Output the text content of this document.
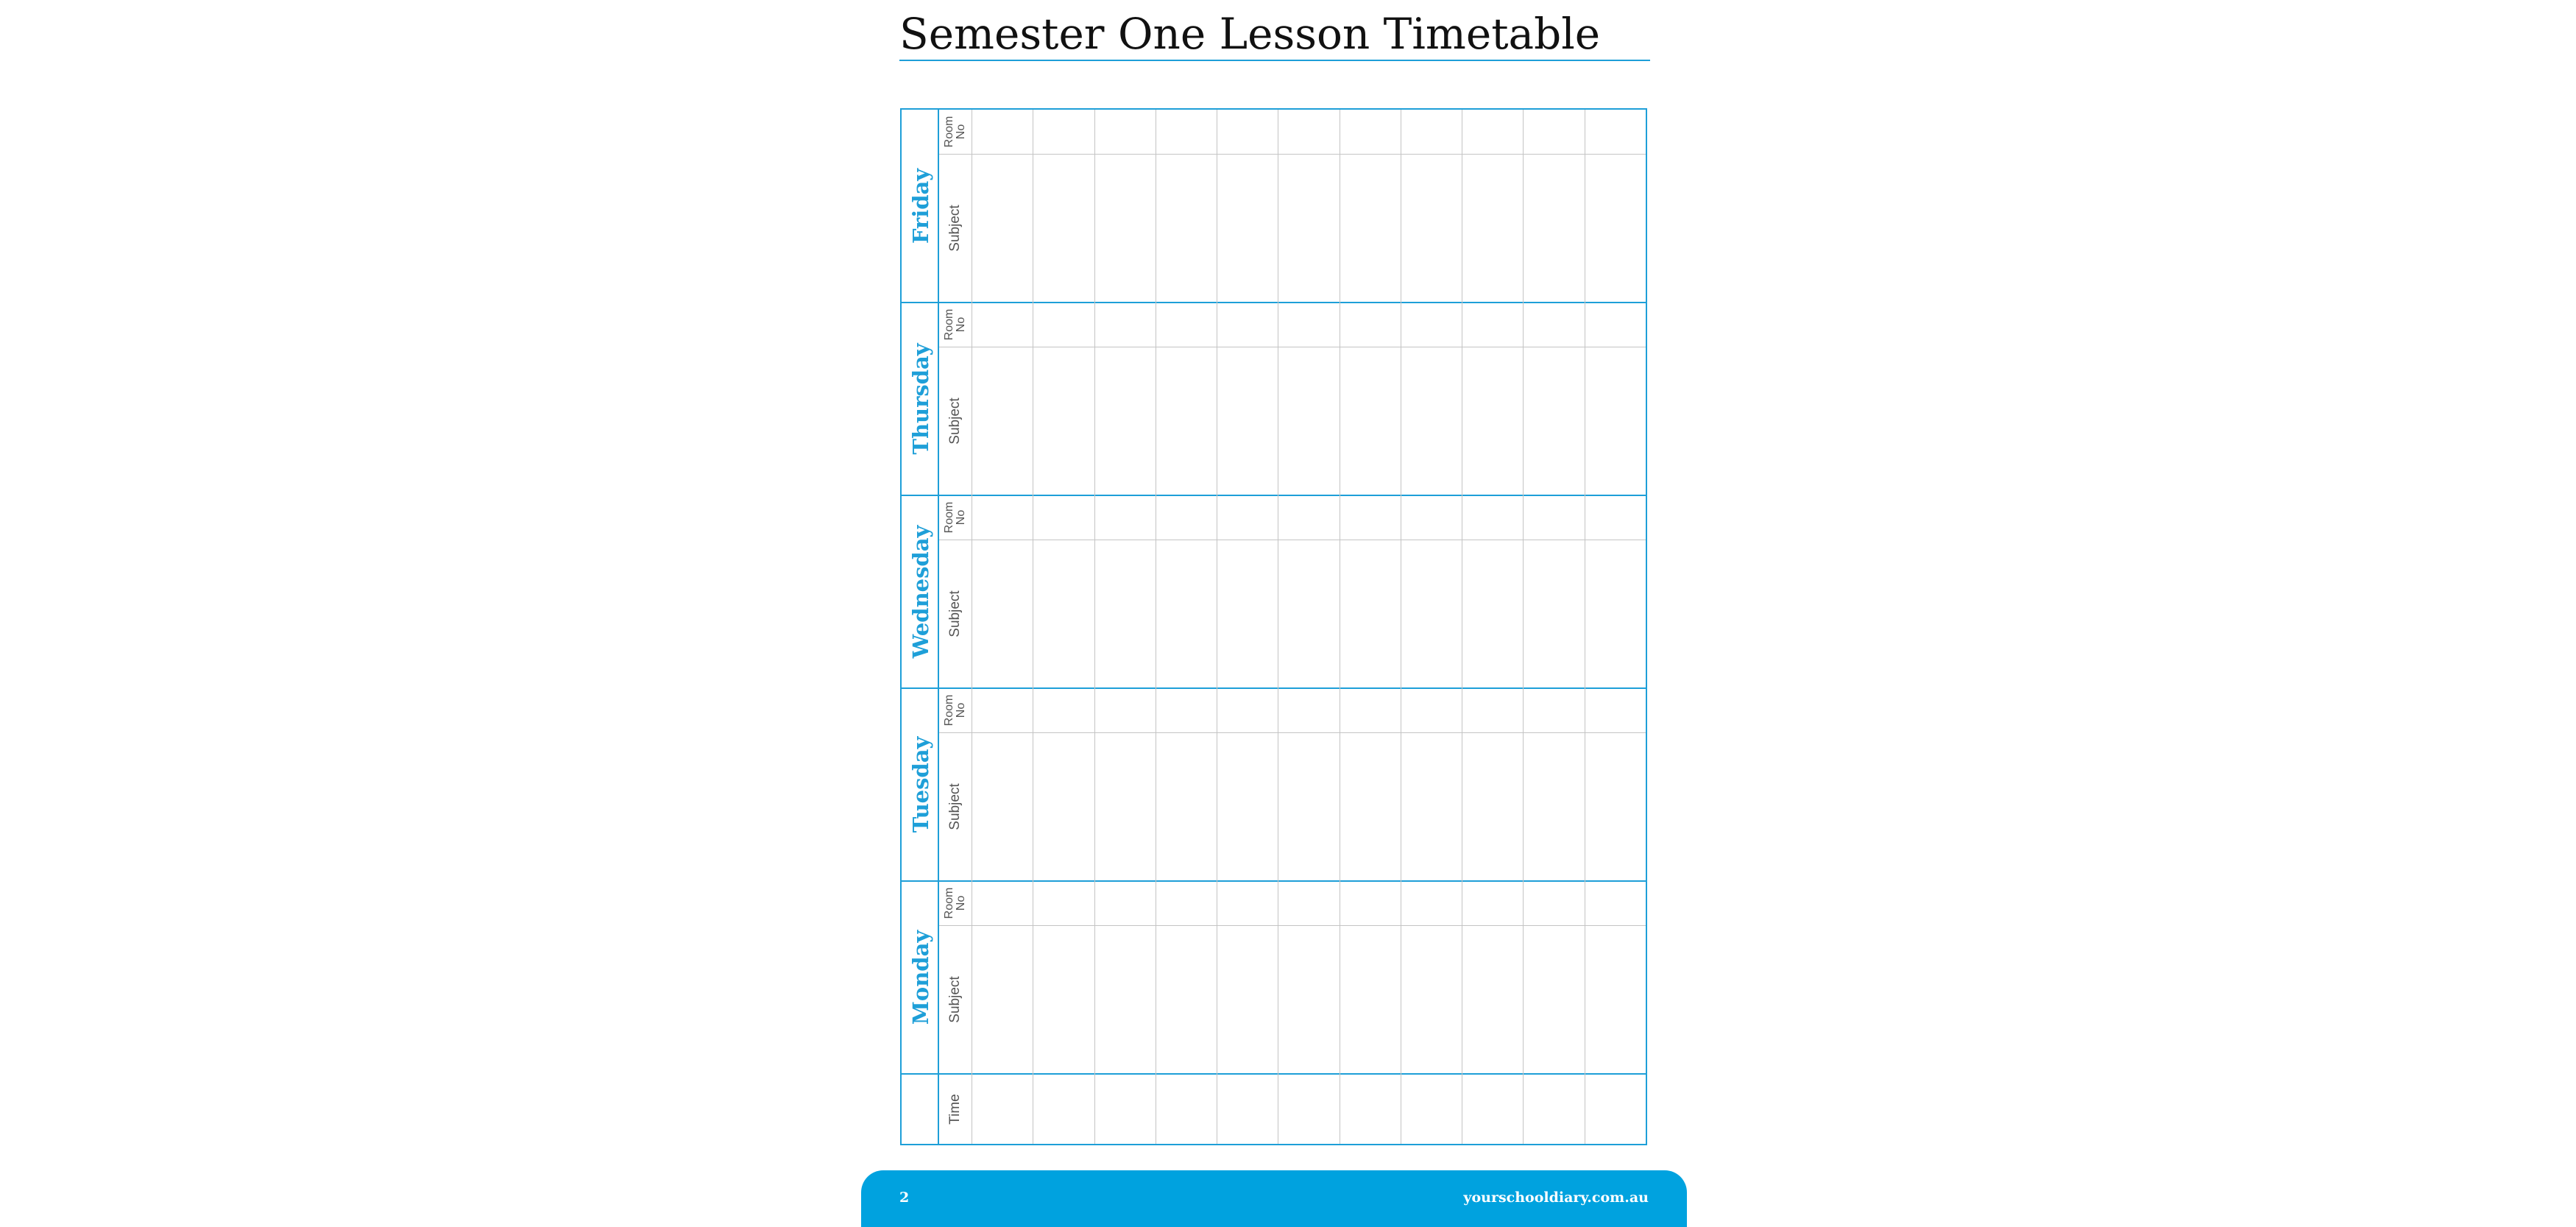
Semester One Lesson Timetable
Friday
Room No
Subject
Thursday
Room No
Subject
Wednesday
Room No
Subject
Tuesday
Room No
Subject
Monday
Room No
Subject
Time
2	yourschooldiary.com.au
